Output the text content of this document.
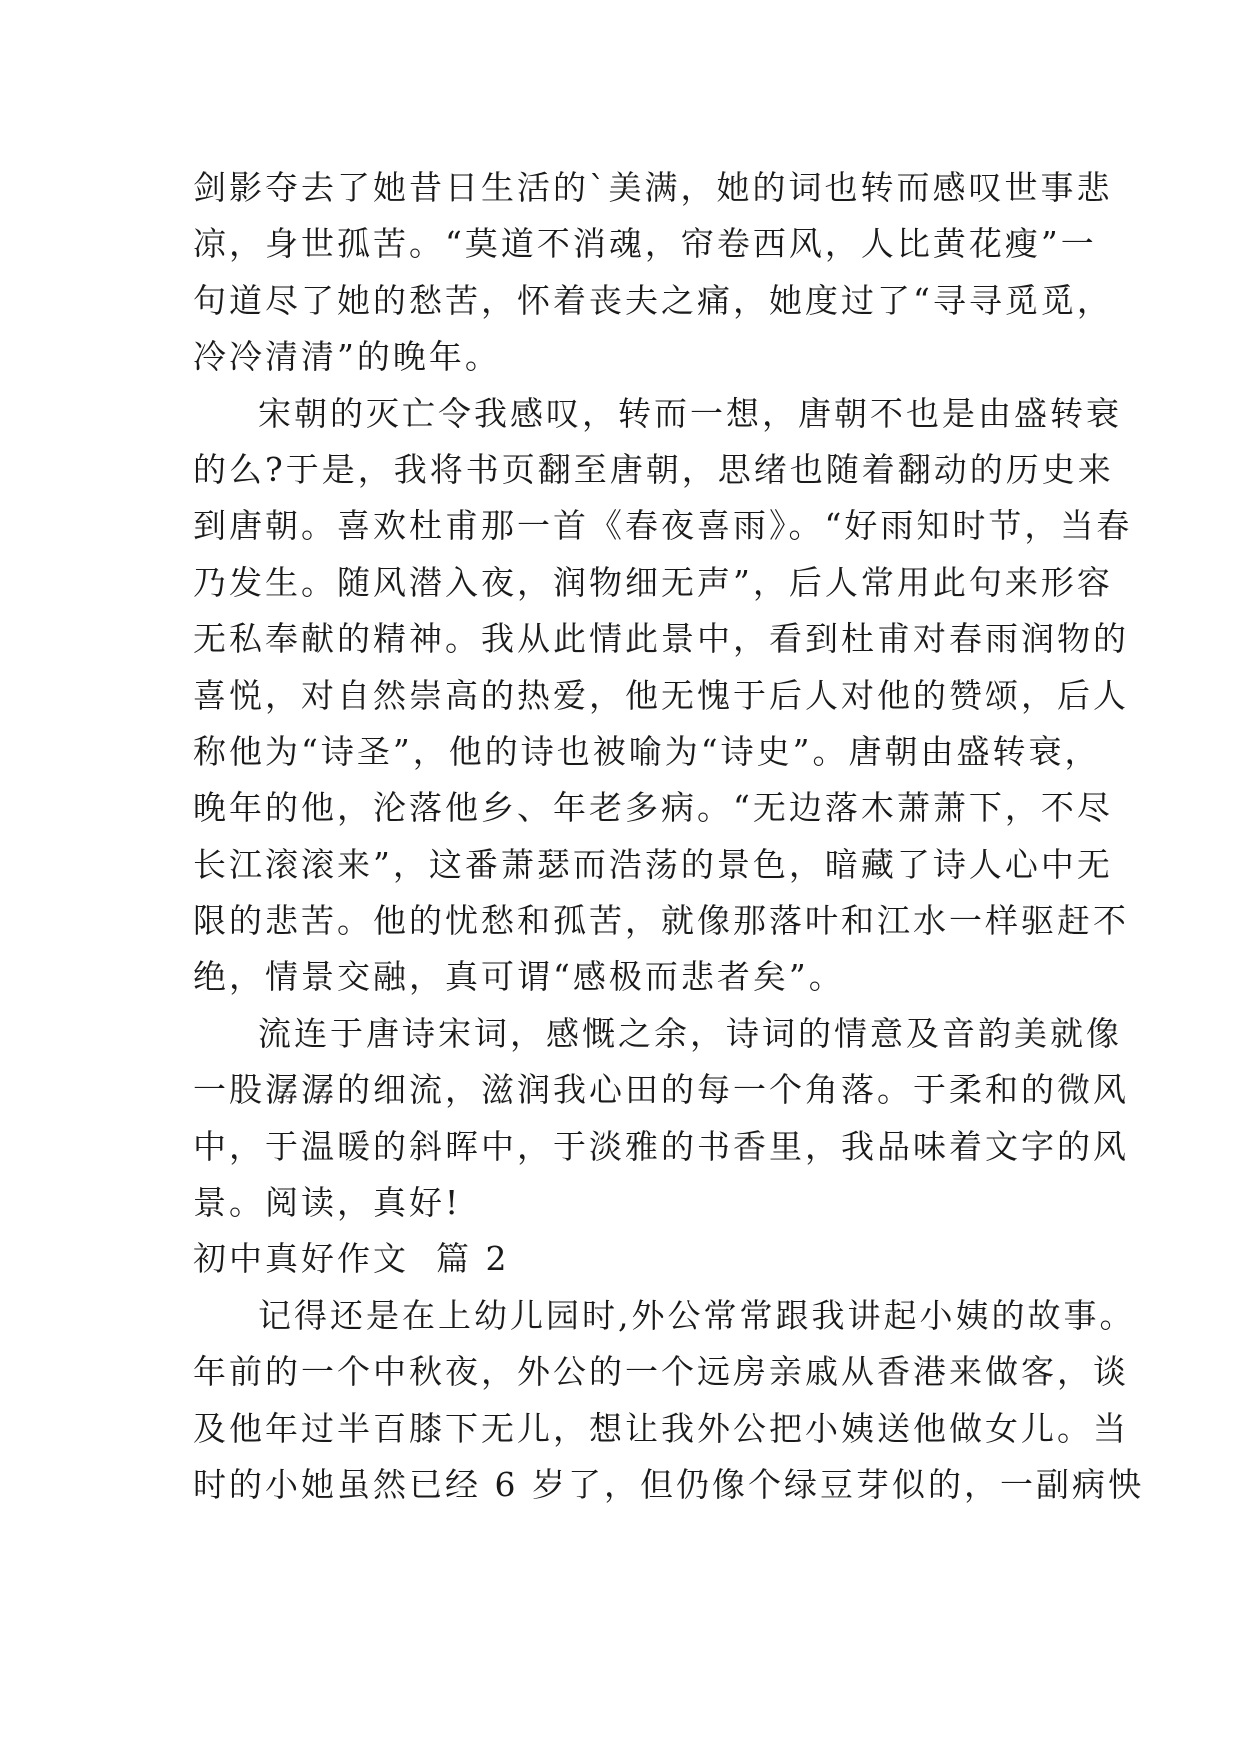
剑影夺去了她昔日生活的`美满，她的词也转而感叹世事悲
凉，身世孤苦。“莫道不消魂，帘卷西风，人比黄花瘦”一
句道尽了她的愁苦，怀着丧夫之痛，她度过了“寻寻觅觅，
冷冷清清”的晚年。
宋朝的灭亡令我感叹，转而一想，唐朝不也是由盛转衰
的么?于是，我将书页翻至唐朝，思绪也随着翻动的历史来
到唐朝。喜欢杜甫那一首《春夜喜雨》。“好雨知时节，当春
乃发生。随风潜入夜，润物细无声”，后人常用此句来形容
无私奉献的精神。我从此情此景中，看到杜甫对春雨润物的
喜悦，对自然崇高的热爱，他无愧于后人对他的赞颂，后人
称他为“诗圣”，他的诗也被喻为“诗史”。唐朝由盛转衰，
晚年的他，沦落他乡、年老多病。“无边落木萧萧下，不尽
长江滚滚来”，这番萧瑟而浩荡的景色，暗藏了诗人心中无
限的悲苦。他的忧愁和孤苦，就像那落叶和江水一样驱赶不
绝，情景交融，真可谓“感极而悲者矣”。
流连于唐诗宋词，感慨之余，诗词的情意及音韵美就像
一股潺潺的细流，滋润我心田的每一个角落。于柔和的微风
中，于温暖的斜晖中，于淡雅的书香里，我品味着文字的风
景。阅读，真好!
初中真好作文  篇 2
记得还是在上幼儿园时,外公常常跟我讲起小姨的故事。
年前的一个中秋夜，外公的一个远房亲戚从香港来做客，谈
及他年过半百膝下无儿，想让我外公把小姨送他做女儿。当
时的小她虽然已经 6 岁了，但仍像个绿豆芽似的，一副病怏
